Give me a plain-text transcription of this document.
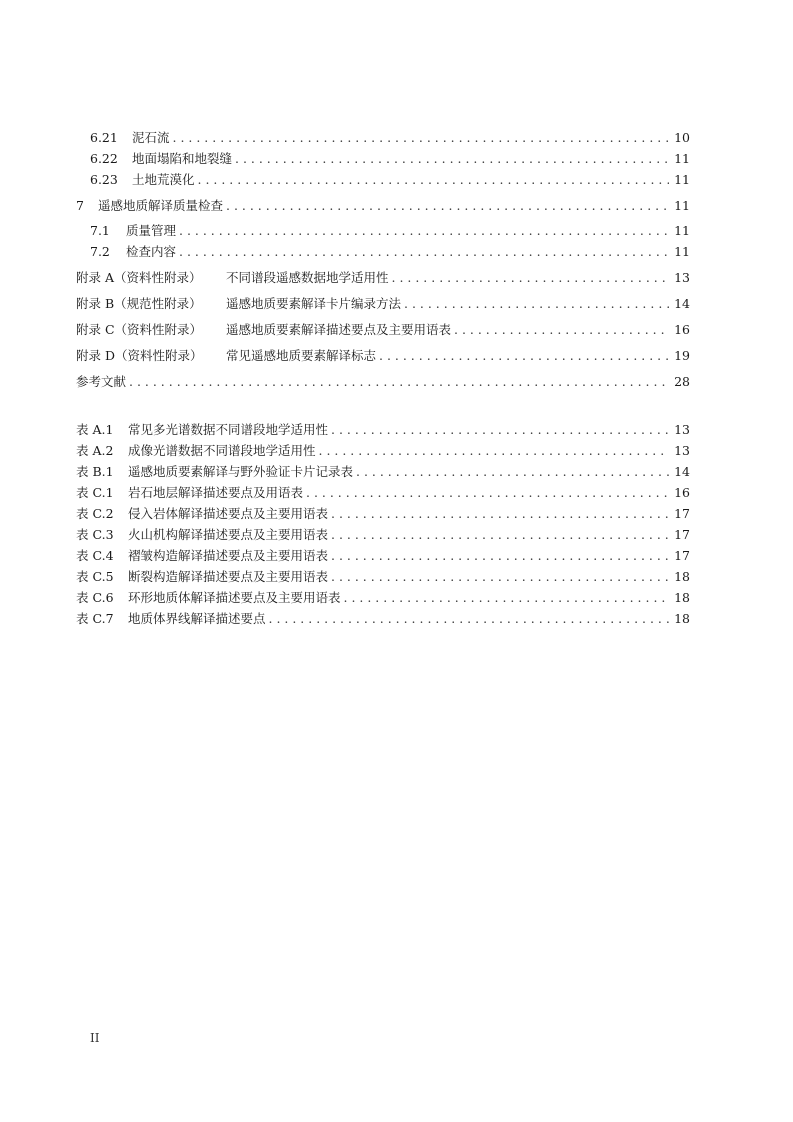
6.21	泥石流 . . .	10
6.22	地面塌陷和地裂缝 . . .	11
6.23	土地荒漠化 . . .	11
7	遥感地质解译质量检查 . . .	11
7.1	质量管理 . . .	11
7.2	检查内容 . . .	11
附录 A（资料性附录）	不同谱段遥感数据地学适用性 . . .	13
附录 B（规范性附录）	遥感地质要素解译卡片编录方法 . . .	14
附录 C（资料性附录）	遥感地质要素解译描述要点及主要用语表 . . .	16
附录 D（资料性附录）	常见遥感地质要素解译标志 . . .	19
参考文献 . . .	28
表 A.1	常见多光谱数据不同谱段地学适用性 . . .	13
表 A.2	成像光谱数据不同谱段地学适用性 . . .	13
表 B.1	遥感地质要素解译与野外验证卡片记录表 . . .	14
表 C.1	岩石地层解译描述要点及用语表 . . .	16
表 C.2	侵入岩体解译描述要点及主要用语表 . . .	17
表 C.3	火山机构解译描述要点及主要用语表 . . .	17
表 C.4	褶皱构造解译描述要点及主要用语表 . . .	17
表 C.5	断裂构造解译描述要点及主要用语表 . . .	18
表 C.6	环形地质体解译描述要点及主要用语表 . . .	18
表 C.7	地质体界线解译描述要点 . . .	18
II
